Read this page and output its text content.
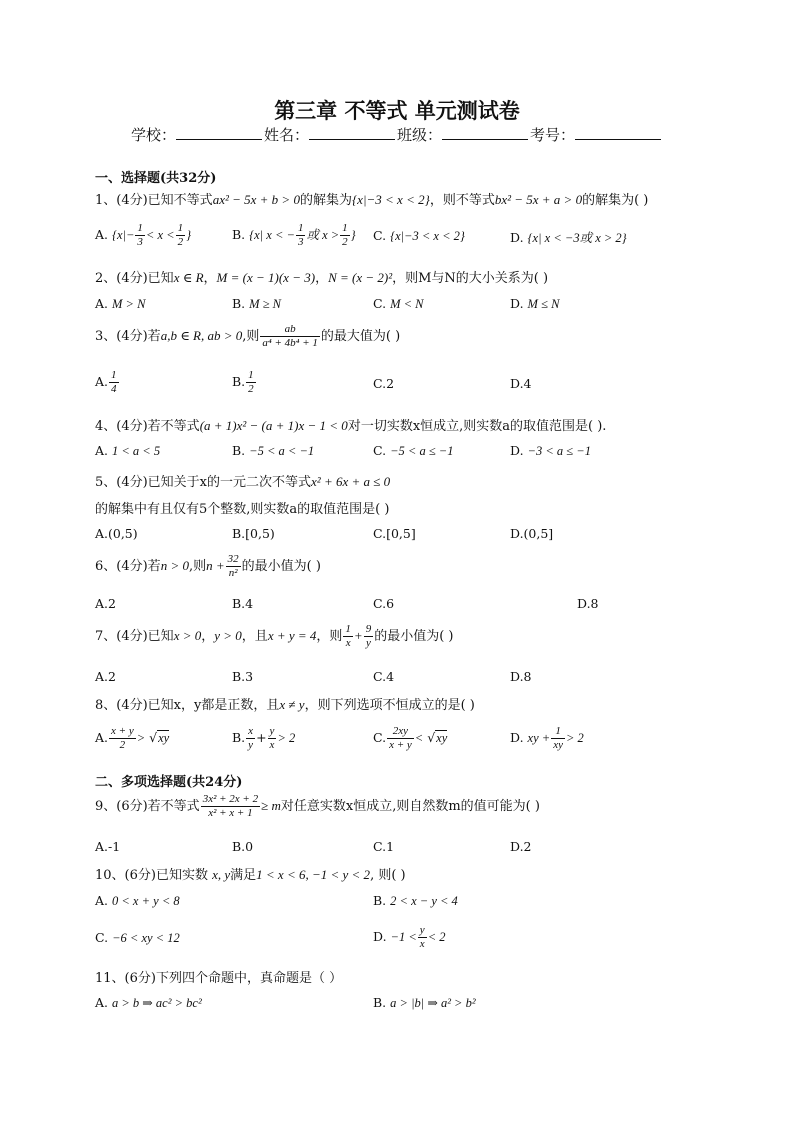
第三章 不等式 单元测试卷
学校：	姓名：	班级：	考号：
一、选择题(共32分)
1、(4分)已知不等式ax² − 5x + b > 0的解集为{x|−3 < x < 2}，则不等式bx² − 5x + a > 0的解集为( )
A. {$x|- \frac{1}{3} < x < \frac{1}{2}$ }	B. {x| x < − $\frac{1}{3}$ 或 $x > \frac{1}{2}$ } C. {x|−3 < x < 2}	D. {x| x < −3或 x > 2}
2、(4分)已知x ∈ R，M = (x − 1)(x − 3)，N = (x − 2)²，则M与N的大小关系为( )
A. M > N	B. M ≥ N	C. M < N	D. M ≤ N
3、(4分)若a,b ∈ R, ab > 0,则 $\frac{ab}{\text{a⁴ + 4b⁴ + 1}}$ 的最大值为( )
A. $\frac{1}{4}$	B. $\frac{1}{2}$	C.2	D.4
4、(4分)若不等式(a + 1)x² − (a + 1)x − 1 < 0对一切实数x恒成立,则实数a的取值范围是( ).
A. 1 < a < 5	B. −5 < a < −1	C. −5 < a ≤ −1	D. −3 < a ≤ −1
5、(4分)已知关于x的一元二次不等式x² + 6x + a ≤ 0
的解集中有且仅有5个整数,则实数a的取值范围是( )
A.(0,5)	B.[0,5)	C.[0,5]	D.(0,5]
6、(4分)若n > 0,则$n + \frac{32}{\text{n²}}$ 的最小值为( )
A.2	B.4	C.6	D.8
7、(4分)已知x > 0，y > 0，且x + y = 4，则 $\frac{1}{x} + \frac{9}{y}$ 的最小值为( )
A.2	B.3	C.4	D.8
8、(4分)已知x，y都是正数，且x ≠ y，则下列选项不恒成立的是( )
A. $\frac{x + y}{2} > √xy$	B. $\frac{x}{y} + \frac{y}{x} > 2$	C. $\frac{2xy}{x + y} < √xy$	D. xy + $\frac{1}{xy} > 2$
二、多项选择题(共24分)
9、(6分)若不等式 $\frac{\text{3x² + 2x + 2}}{\text{x² + x + 1}} \ge m$对任意实数x恒成立,则自然数m的值可能为( )
A.-1	B.0	C.1	D.2
10、(6分)已知实数 x, y满足1 < x < 6, −1 < y < 2, 则( )
A. 0 < x + y < 8	B. 2 < x − y < 4
C. −6 < xy < 12	D. $-1 < \frac{y}{x} < 2$
11、(6分)下列四个命题中，真命题是（ ）
A. a > b ⇒ ac² > bc²	B. a > |b| ⇒ a² > b²
